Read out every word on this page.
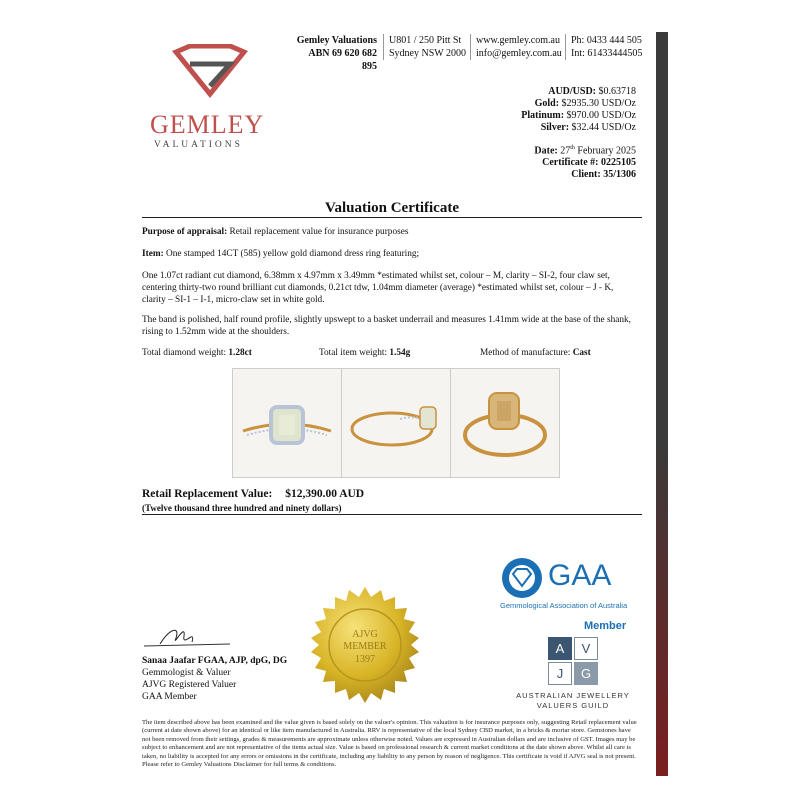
GEMLEY
VALUATIONS
Gemley Valuations
ABN 69 620 682 895
U801 / 250 Pitt St
Sydney NSW 2000
www.gemley.com.au
info@gemley.com.au
Ph: 0433 444 505
Int: 61433444505
AUD/USD: $0.63718
Gold: $2935.30 USD/Oz
Platinum: $970.00 USD/Oz
Silver: $32.44 USD/Oz
Date: 27th February 2025
Certificate #: 0225105
Client: 35/1306
Valuation Certificate
Purpose of appraisal: Retail replacement value for insurance purposes
Item: One stamped 14CT (585) yellow gold diamond dress ring featuring;
One 1.07ct radiant cut diamond, 6.38mm x 4.97mm x 3.49mm *estimated whilst set, colour – M, clarity – SI-2, four claw set, centering thirty-two round brilliant cut diamonds, 0.21ct tdw, 1.04mm diameter (average) *estimated whilst set, colour – J - K, clarity – SI-1 – I-1, micro-claw set in white gold.
The band is polished, half round profile, slightly upswept to a basket underrail and measures 1.41mm wide at the base of the shank, rising to 1.52mm wide at the shoulders.
Total diamond weight: 1.28ct	Total item weight: 1.54g	Method of manufacture: Cast
Retail Replacement Value: $12,390.00 AUD
(Twelve thousand three hundred and ninety dollars)
Sanaa Jaafar FGAA, AJP, dpG, DG
Gemmologist & Valuer
AJVG Registered Valuer
GAA Member
AJVG
MEMBER
1397
GAA
Gemmological Association of Australia
Member
A	V
J	G
AUSTRALIAN JEWELLERY
VALUERS GUILD
The item described above has been examined and the value given is based solely on the valuer's opinion. This valuation is for insurance purposes only, suggesting Retail replacement value (current at date shown above) for an identical or like item manufactured in Australia. RRV is representative of the local Sydney CBD market, in a bricks & mortar store. Gemstones have not been removed from their settings, grades & measurements are approximate unless otherwise noted. Values are expressed in Australian dollars and are inclusive of GST. Images may be subject to enhancement and are not representative of the items actual size. Value is based on professional research & current market conditions at the date shown above. Whilst all care is taken, no liability is accepted for any errors or omissions in the certificate, including any liability to any person by reason of negligence. This certificate is void if AJVG seal is not present. Please refer to Gemley Valuations Disclaimer for full terms & conditions.
